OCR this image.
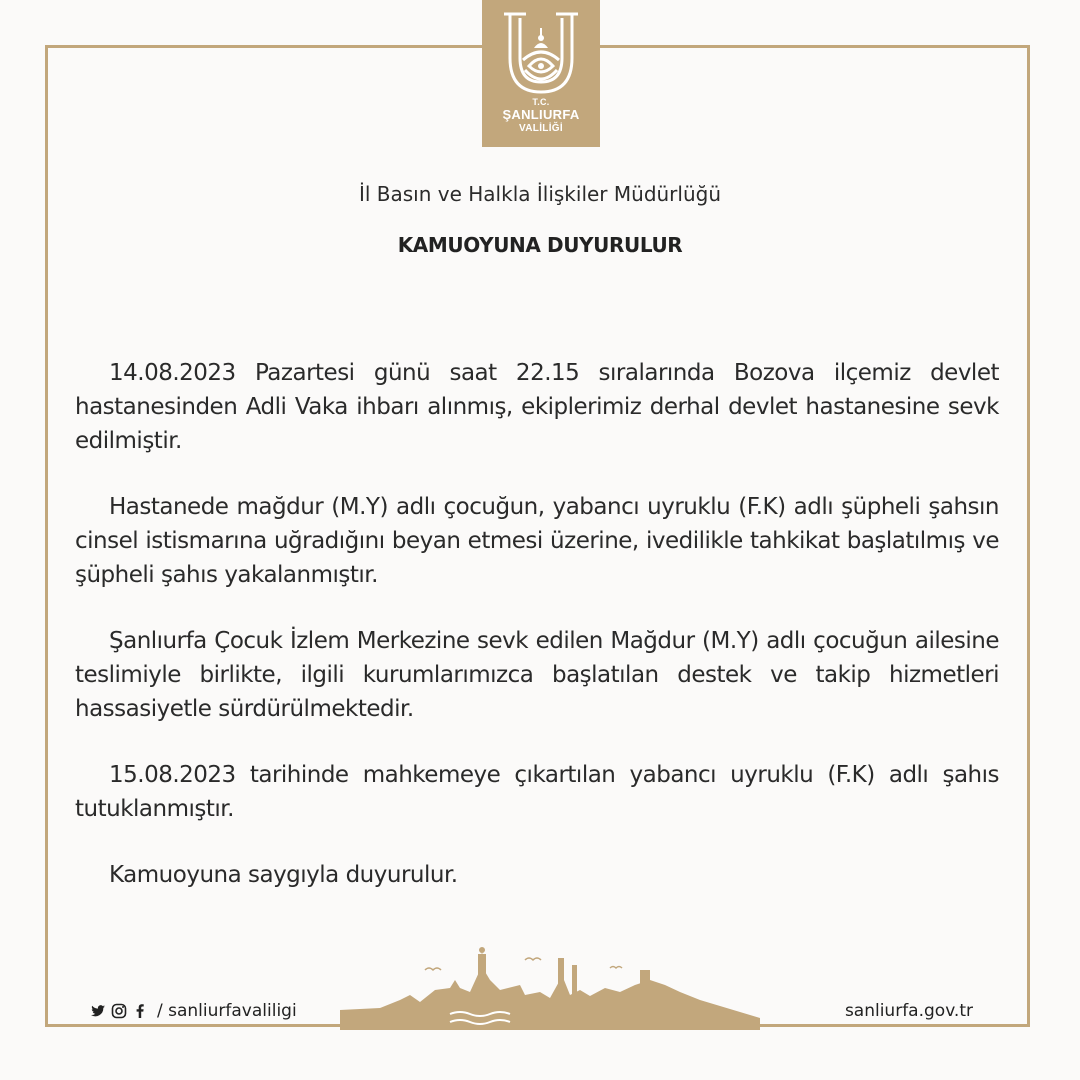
T.C.
ŞANLIURFA
VALİLİĞİ
İl Basın ve Halkla İlişkiler Müdürlüğü
KAMUOYUNA DUYURULUR

14.08.2023 Pazartesi günü saat 22.15 sıralarında Bozova ilçemiz devlet hastanesinden Adli Vaka ihbarı alınmış, ekiplerimiz derhal devlet hastanesine sevk edilmiştir.

Hastanede mağdur (M.Y) adlı çocuğun, yabancı uyruklu (F.K) adlı şüpheli şahsın cinsel istismarına uğradığını beyan etmesi üzerine, ivedilikle tahkikat başlatılmış ve şüpheli şahıs yakalanmıştır.

Şanlıurfa Çocuk İzlem Merkezine sevk edilen Mağdur (M.Y) adlı çocuğun ailesine teslimiyle birlikte, ilgili kurumlarımızca başlatılan destek ve takip hizmetleri hassasiyetle sürdürülmektedir.

15.08.2023 tarihinde mahkemeye çıkartılan yabancı uyruklu (F.K) adlı şahıs tutuklanmıştır.

Kamuoyuna saygıyla duyurulur.

/ sanliurfavaliligi	sanliurfa.gov.tr
